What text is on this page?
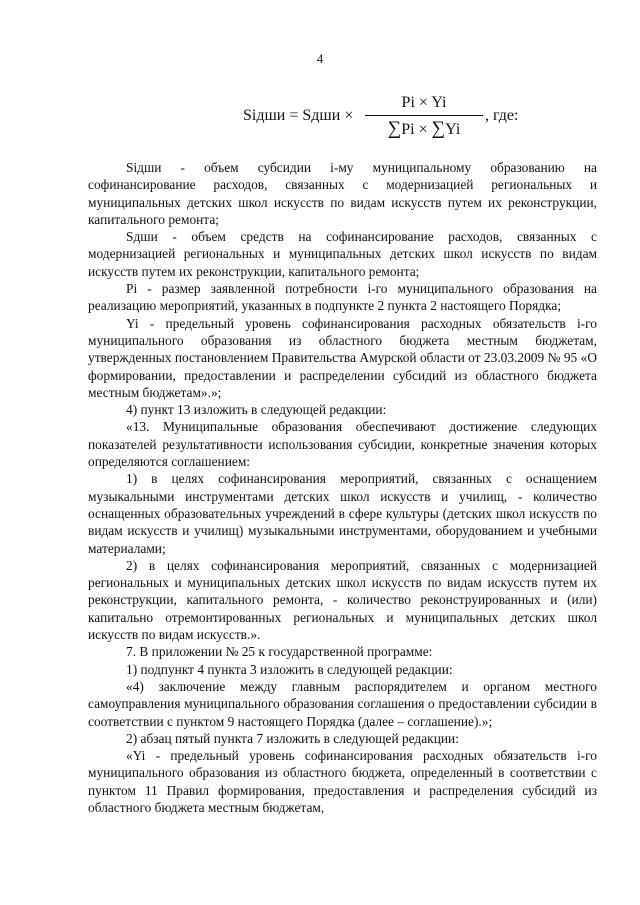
4
Siдши = Sдши ×
Pi × Yi
∑Pi × ∑Yi
, где:

Siдши - объем субсидии i-му муниципальному образованию на софинансирование расходов, связанных с модернизацией региональных и муниципальных детских школ искусств по видам искусств путем их реконструкции, капитального ремонта;

Sдши - объем средств на софинансирование расходов, связанных с модернизацией региональных и муниципальных детских школ искусств по видам искусств путем их реконструкции, капитального ремонта;

Pi - размер заявленной потребности i-го муниципального образования на реализацию мероприятий, указанных в подпункте 2 пункта 2 настоящего Порядка;

Yi - предельный уровень софинансирования расходных обязательств i-го муниципального образования из областного бюджета местным бюджетам, утвержденных постановлением Правительства Амурской области от 23.03.2009 № 95 «О формировании, предоставлении и распределении субсидий из областного бюджета местным бюджетам».»;

4) пункт 13 изложить в следующей редакции:

«13. Муниципальные образования обеспечивают достижение следующих показателей результативности использования субсидии, конкретные значения которых определяются соглашением:

1) в целях софинансирования мероприятий, связанных с оснащением музыкальными инструментами детских школ искусств и училищ, - количество оснащенных образовательных учреждений в сфере культуры (детских школ искусств по видам искусств и училищ) музыкальными инструментами, оборудованием и учебными материалами;

2) в целях софинансирования мероприятий, связанных с модернизацией региональных и муниципальных детских школ искусств по видам искусств путем их реконструкции, капитального ремонта, - количество реконструированных и (или) капитально отремонтированных региональных и муниципальных детских школ искусств по видам искусств.».

7. В приложении № 25 к государственной программе:

1) подпункт 4 пункта 3 изложить в следующей редакции:

«4) заключение между главным распорядителем и органом местного самоуправления муниципального образования соглашения о предоставлении субсидии в соответствии с пунктом 9 настоящего Порядка (далее – соглашение).»;

2) абзац пятый пункта 7 изложить в следующей редакции:

«Yi - предельный уровень софинансирования расходных обязательств i-го муниципального образования из областного бюджета, определенный в соответствии с пунктом 11 Правил формирования, предоставления и распределения субсидий из областного бюджета местным бюджетам,
